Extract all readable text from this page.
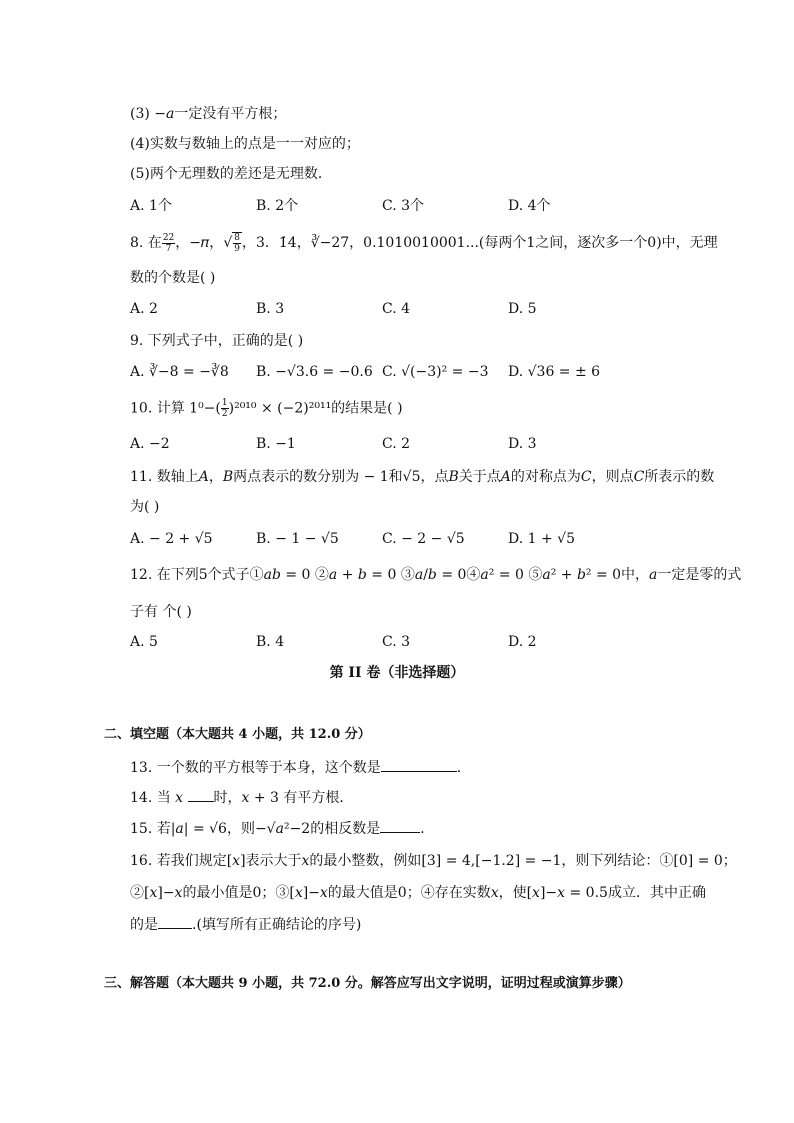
(3) −𝑎一定没有平方根；
(4)实数与数轴上的点是一一对应的；
(5)两个无理数的差还是无理数．
A. 1个	B. 2个	C. 3个	D. 4个
8. 在 $\frac{22}{7}$ ，−𝜋，√ $\frac{8}{9}$ ，3．1̇4̇，∛−27，0.1010010001...(每两个1之间，逐次多一个0)中，无理
数的个数是( )
A. 2	B. 3	C. 4	D. 5
9. 下列式子中，正确的是( )
A. ∛−8 = −∛8 B. −√3.6 = −0.6 C. √(−3)² = −3 D. √36 = ± 6
10. 计算 $1^0-( \frac{1}{2} )^{2010} \times (-2)^{2011}$的结果是( )
A. −2	B. −1	C. 2	D. 3
11. 数轴上𝐴，𝐵两点表示的数分别为 − 1和√5，点𝐵关于点𝐴的对称点为𝐶，则点𝐶所表示的数
为( )
A. − 2 + √5	B. − 1 − √5	C. − 2 − √5	D. 1 + √5
12. 在下列5个式子①𝑎𝑏 = 0 ②𝑎 + 𝑏 = 0 ③𝑎/𝑏 = 0④𝑎² = 0 ⑤𝑎² + 𝑏² = 0中，𝑎一定是零的式
子有 个( )
A. 5	B. 4	C. 3	D. 2
第 II 卷（非选择题）
二、填空题（本大题共 4 小题，共 12.0 分）
13. 一个数的平方根等于本身，这个数是	．
14. 当 𝑥 时，𝑥 + 3 有平方根．
15. 若|𝑎| = √6，则−√𝑎²−2的相反数是	．
16. 若我们规定[𝑥]表示大于𝑥的最小整数，例如[3] = 4,[−1.2] = −1，则下列结论：①[0] = 0；
②[𝑥]−𝑥的最小值是0；③[𝑥]−𝑥的最大值是0；④存在实数𝑥，使[𝑥]−𝑥 = 0.5成立．其中正确
的是 .(填写所有正确结论的序号)
三、解答题（本大题共 9 小题，共 72.0 分。解答应写出文字说明，证明过程或演算步骤）
